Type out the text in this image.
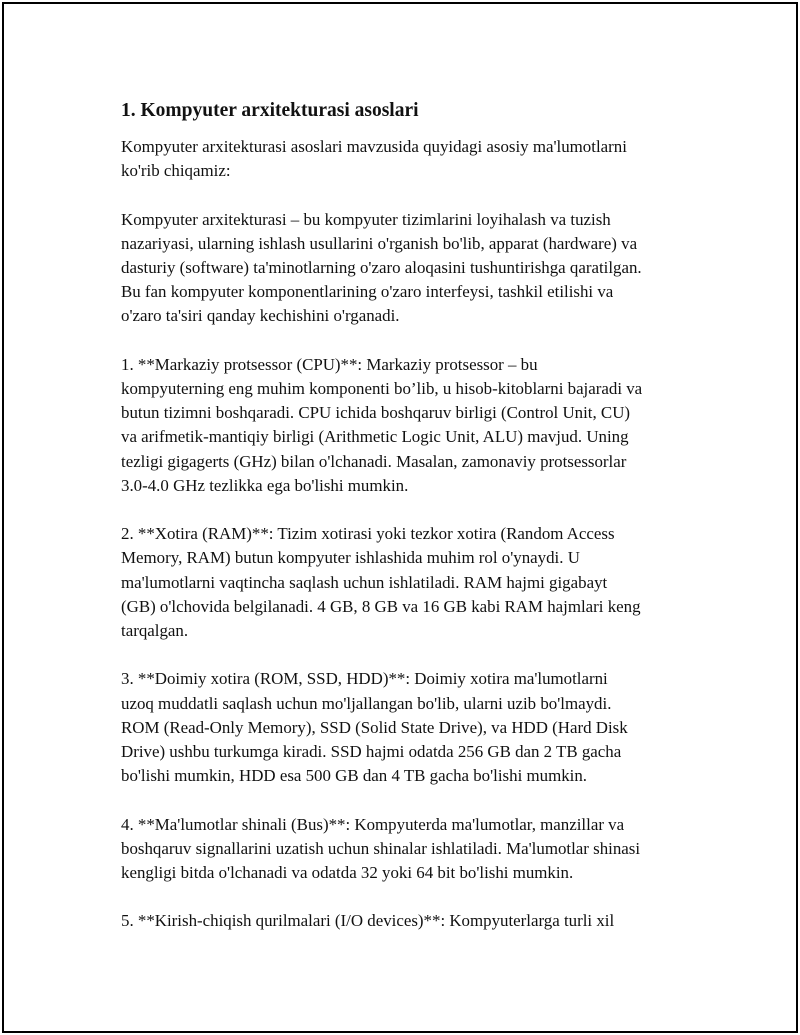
1. Kompyuter arxitekturasi asoslari

Kompyuter arxitekturasi asoslari mavzusida quyidagi asosiy ma'lumotlarni
ko'rib chiqamiz:

Kompyuter arxitekturasi – bu kompyuter tizimlarini loyihalash va tuzish
nazariyasi, ularning ishlash usullarini o'rganish bo'lib, apparat (hardware) va
dasturiy (software) ta'minotlarning o'zaro aloqasini tushuntirishga qaratilgan.
Bu fan kompyuter komponentlarining o'zaro interfeysi, tashkil etilishi va
o'zaro ta'siri qanday kechishini o'rganadi.

1. **Markaziy protsessor (CPU)**: Markaziy protsessor – bu
kompyuterning eng muhim komponenti bo’lib, u hisob-kitoblarni bajaradi va
butun tizimni boshqaradi. CPU ichida boshqaruv birligi (Control Unit, CU)
va arifmetik-mantiqiy birligi (Arithmetic Logic Unit, ALU) mavjud. Uning
tezligi gigagerts (GHz) bilan o'lchanadi. Masalan, zamonaviy protsessorlar
3.0-4.0 GHz tezlikka ega bo'lishi mumkin.

2. **Xotira (RAM)**: Tizim xotirasi yoki tezkor xotira (Random Access
Memory, RAM) butun kompyuter ishlashida muhim rol o'ynaydi. U
ma'lumotlarni vaqtincha saqlash uchun ishlatiladi. RAM hajmi gigabayt
(GB) o'lchovida belgilanadi. 4 GB, 8 GB va 16 GB kabi RAM hajmlari keng
tarqalgan.

3. **Doimiy xotira (ROM, SSD, HDD)**: Doimiy xotira ma'lumotlarni
uzoq muddatli saqlash uchun mo'ljallangan bo'lib, ularni uzib bo'lmaydi.
ROM (Read-Only Memory), SSD (Solid State Drive), va HDD (Hard Disk
Drive) ushbu turkumga kiradi. SSD hajmi odatda 256 GB dan 2 TB gacha
bo'lishi mumkin, HDD esa 500 GB dan 4 TB gacha bo'lishi mumkin.

4. **Ma'lumotlar shinali (Bus)**: Kompyuterda ma'lumotlar, manzillar va
boshqaruv signallarini uzatish uchun shinalar ishlatiladi. Ma'lumotlar shinasi
kengligi bitda o'lchanadi va odatda 32 yoki 64 bit bo'lishi mumkin.

5. **Kirish-chiqish qurilmalari (I/O devices)**: Kompyuterlarga turli xil
